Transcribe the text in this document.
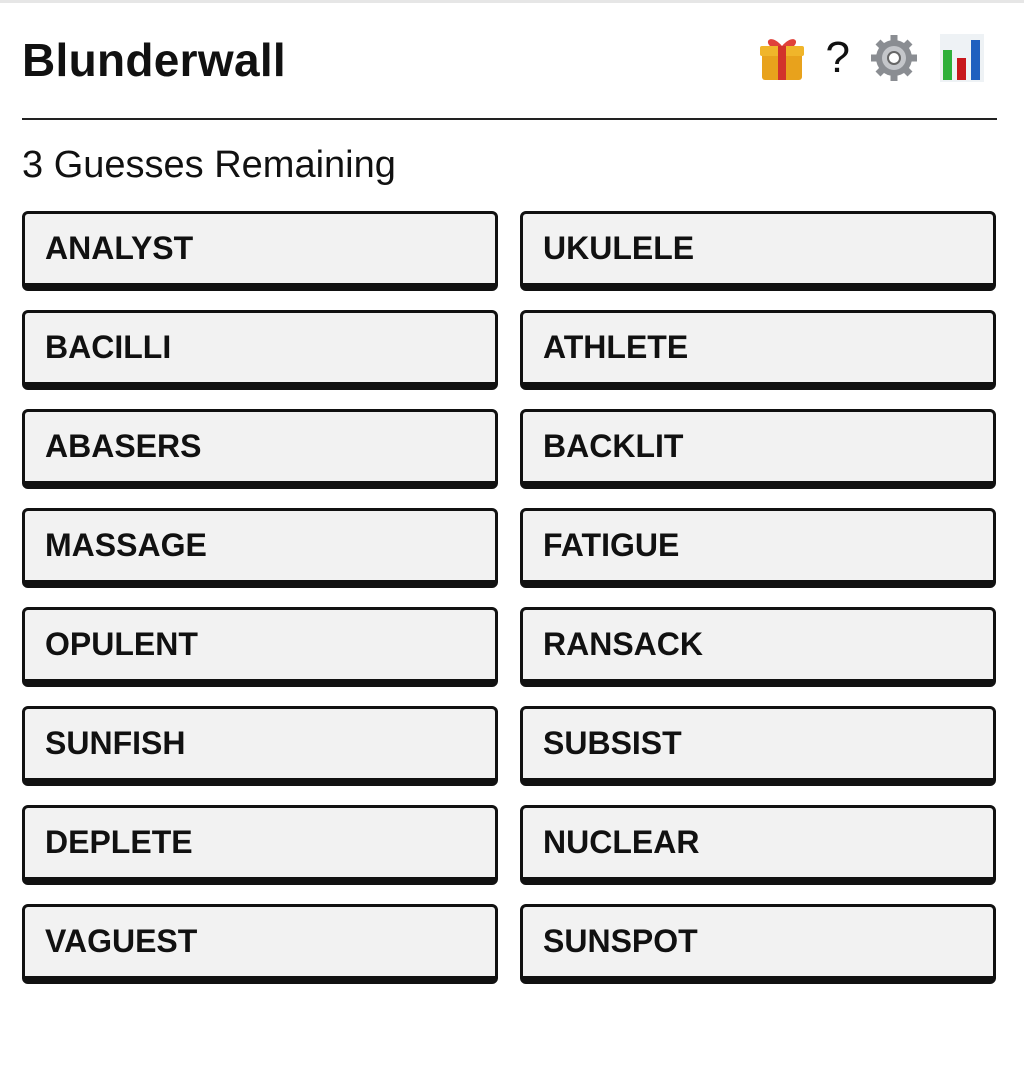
Blunderwall	?
3 Guesses Remaining
ANALYST	UKULELE
BACILLI	ATHLETE
ABASERS	BACKLIT
MASSAGE	FATIGUE
OPULENT	RANSACK
SUNFISH	SUBSIST
DEPLETE	NUCLEAR
VAGUEST	SUNSPOT
